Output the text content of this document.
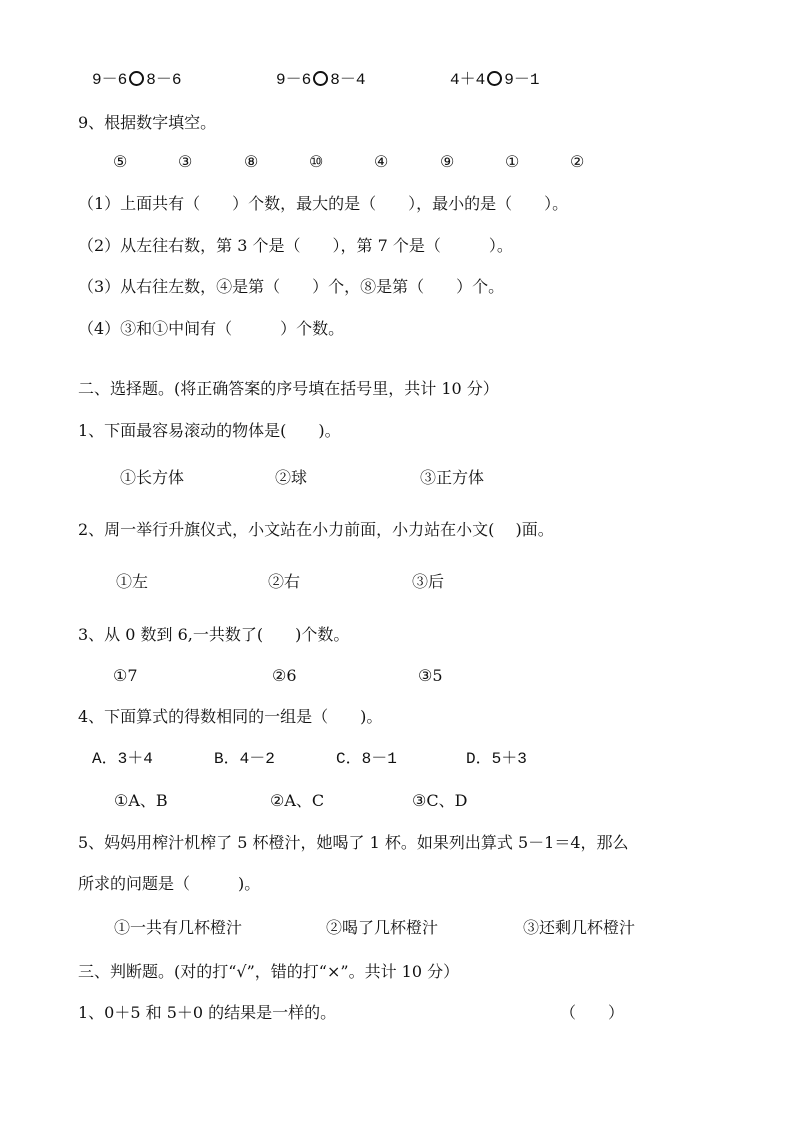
9－6 8－6	9－6 8－4	4＋4 9－1
9、根据数字填空。
⑤	③	⑧	⑩	④	⑨	①	②
（1）上面共有（　　）个数，最大的是（　　），最小的是（　　）。
（2）从左往右数，第 3 个是（　　），第 7 个是（　　　）。
（3）从右往左数，④是第（　　）个，⑧是第（　　）个。
（4）③和①中间有（　　　）个数。
二、选择题。(将正确答案的序号填在括号里，共计 10 分）
1、下面最容易滚动的物体是(　　)。
①长方体	②球	③正方体
2、周一举行升旗仪式，小文站在小力前面，小力站在小文(　 )面。
①左	②右	③后
3、从 0 数到 6,一共数了(　　)个数。
①7	②6	③5
4、下面算式的得数相同的一组是（　　)。
A．3＋4	B．4－2	C．8－1	D．5＋3
①A、B	②A、C	③C、D
5、妈妈用榨汁机榨了 5 杯橙汁，她喝了 1 杯。如果列出算式 5－1＝4，那么
所求的问题是（　　　)。
①一共有几杯橙汁	②喝了几杯橙汁	③还剩几杯橙汁
三、判断题。(对的打“√”，错的打“×”。共计 10 分）
1、0＋5 和 5＋0 的结果是一样的。	（　　）
